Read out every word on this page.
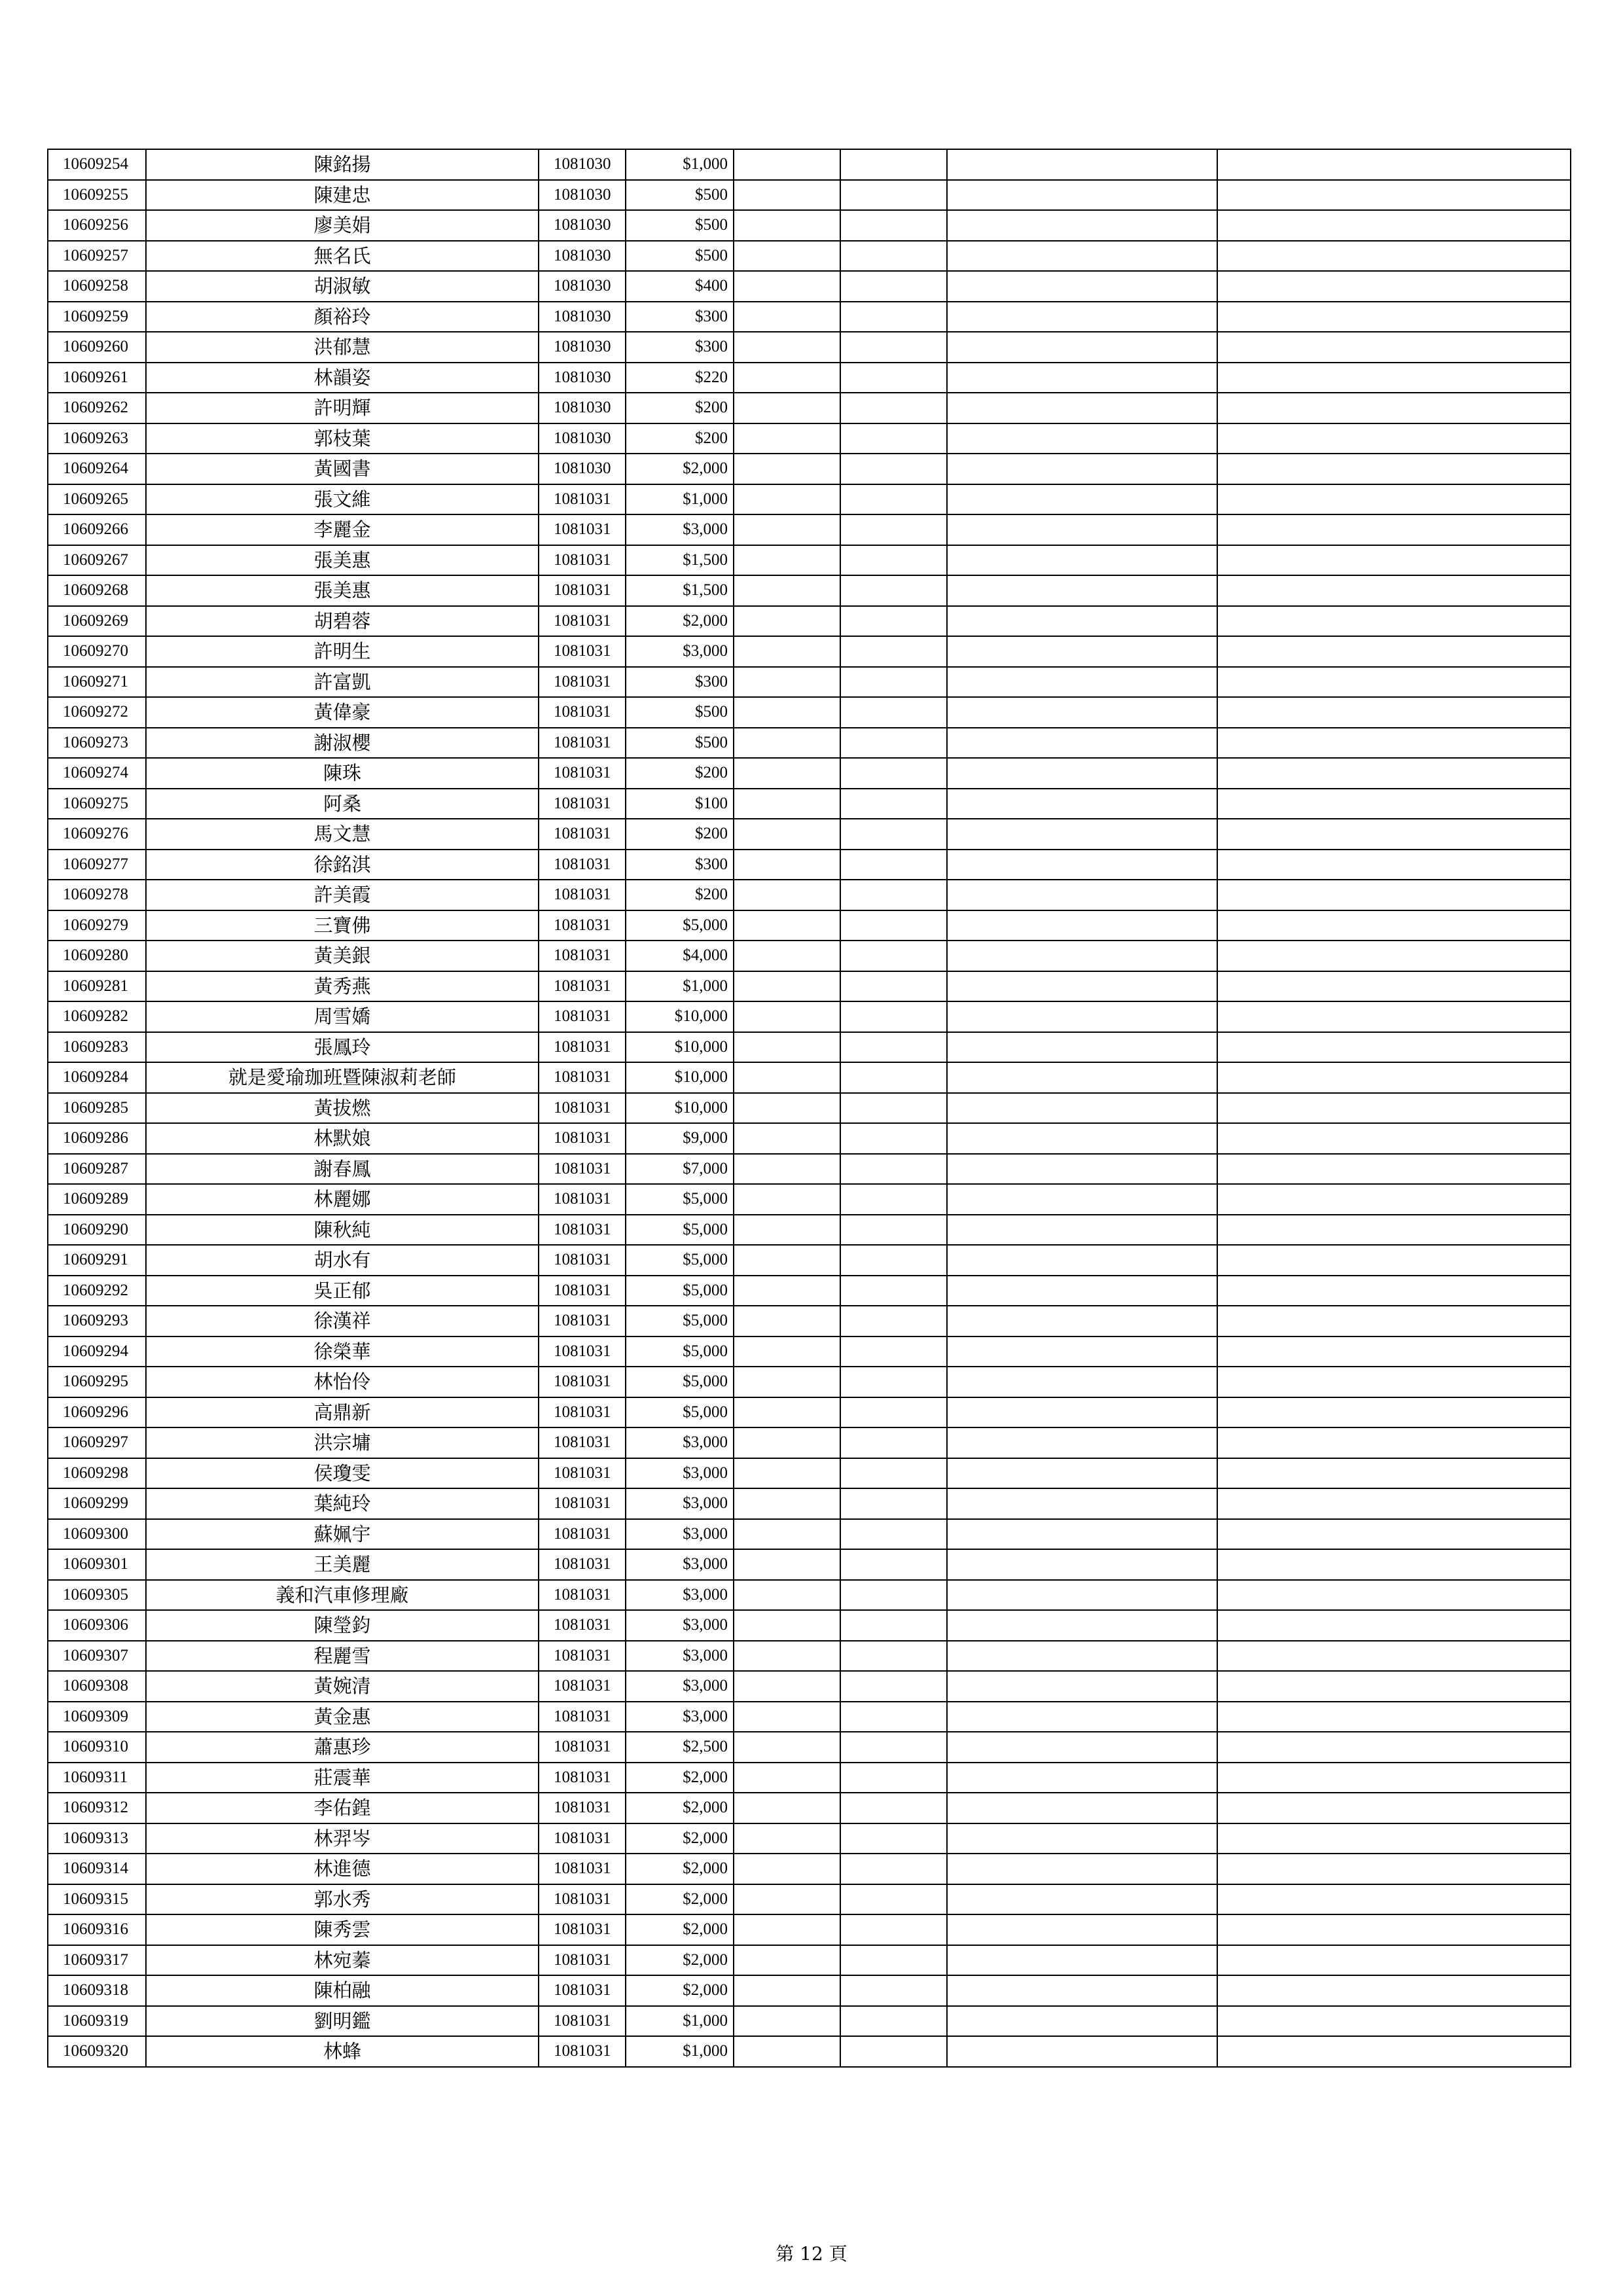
10609254	陳銘揚	1081030	$1,000				
10609255	陳建忠	1081030	$500				
10609256	廖美娟	1081030	$500				
10609257	無名氏	1081030	$500				
10609258	胡淑敏	1081030	$400				
10609259	顏裕玲	1081030	$300				
10609260	洪郁慧	1081030	$300				
10609261	林韻姿	1081030	$220				
10609262	許明輝	1081030	$200				
10609263	郭枝葉	1081030	$200				
10609264	黃國書	1081030	$2,000				
10609265	張文維	1081031	$1,000				
10609266	李麗金	1081031	$3,000				
10609267	張美惠	1081031	$1,500				
10609268	張美惠	1081031	$1,500				
10609269	胡碧蓉	1081031	$2,000				
10609270	許明生	1081031	$3,000				
10609271	許富凱	1081031	$300				
10609272	黃偉豪	1081031	$500				
10609273	謝淑櫻	1081031	$500				
10609274	陳珠	1081031	$200				
10609275	阿桑	1081031	$100				
10609276	馬文慧	1081031	$200				
10609277	徐銘淇	1081031	$300				
10609278	許美霞	1081031	$200				
10609279	三寶佛	1081031	$5,000				
10609280	黃美銀	1081031	$4,000				
10609281	黃秀燕	1081031	$1,000				
10609282	周雪嬌	1081031	$10,000				
10609283	張鳳玲	1081031	$10,000				
10609284	就是愛瑜珈班暨陳淑莉老師	1081031	$10,000				
10609285	黃拔燃	1081031	$10,000				
10609286	林默娘	1081031	$9,000				
10609287	謝春鳳	1081031	$7,000				
10609289	林麗娜	1081031	$5,000				
10609290	陳秋純	1081031	$5,000				
10609291	胡水有	1081031	$5,000				
10609292	吳正郁	1081031	$5,000				
10609293	徐漢祥	1081031	$5,000				
10609294	徐榮華	1081031	$5,000				
10609295	林怡伶	1081031	$5,000				
10609296	高鼎新	1081031	$5,000				
10609297	洪宗墉	1081031	$3,000				
10609298	侯瓊雯	1081031	$3,000				
10609299	葉純玲	1081031	$3,000				
10609300	蘇姵宇	1081031	$3,000				
10609301	王美麗	1081031	$3,000				
10609305	義和汽車修理廠	1081031	$3,000				
10609306	陳瑩鈞	1081031	$3,000				
10609307	程麗雪	1081031	$3,000				
10609308	黃婉清	1081031	$3,000				
10609309	黃金惠	1081031	$3,000				
10609310	蕭惠珍	1081031	$2,500				
10609311	莊震華	1081031	$2,000				
10609312	李佑鍠	1081031	$2,000				
10609313	林羿岑	1081031	$2,000				
10609314	林進德	1081031	$2,000				
10609315	郭水秀	1081031	$2,000				
10609316	陳秀雲	1081031	$2,000				
10609317	林宛蓁	1081031	$2,000				
10609318	陳柏融	1081031	$2,000				
10609319	劉明鑑	1081031	$1,000				
10609320	林蜂	1081031	$1,000				
第 12 頁
